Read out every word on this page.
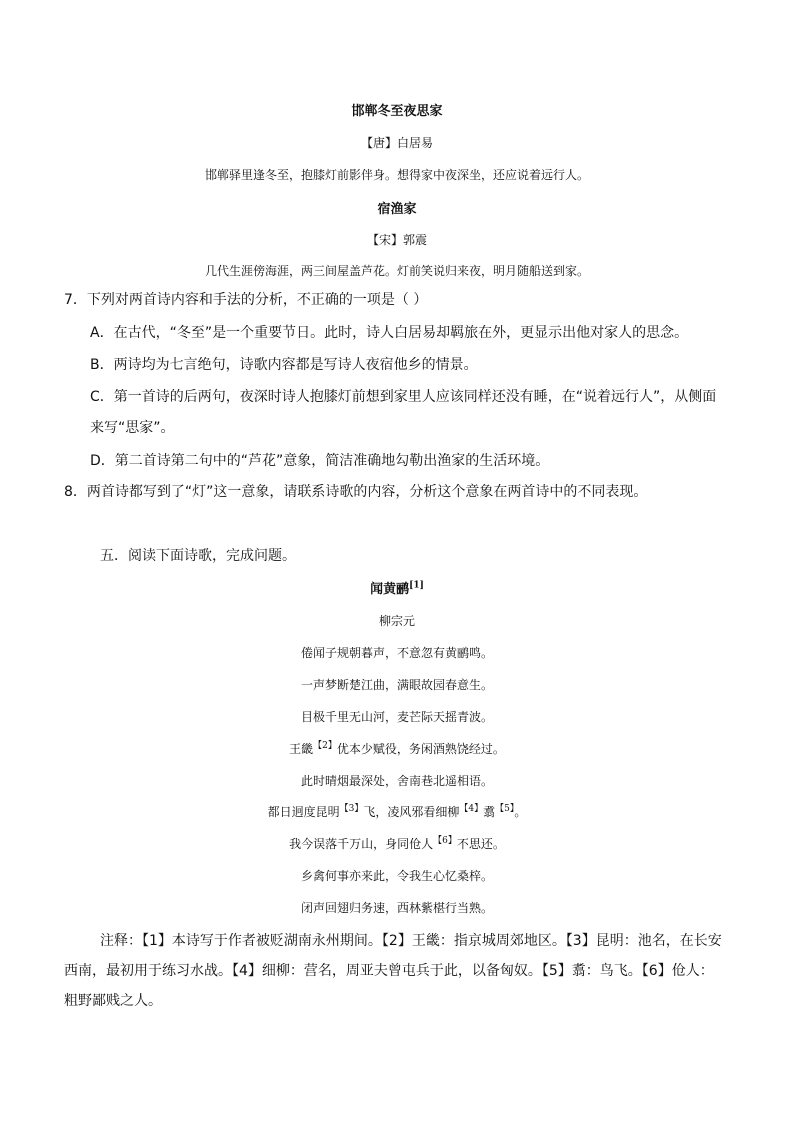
邯郸冬至夜思家
【唐】白居易
邯郸驿里逢冬至，抱膝灯前影伴身。想得家中夜深坐，还应说着远行人。
宿渔家
【宋】郭震
几代生涯傍海涯，两三间屋盖芦花。灯前笑说归来夜，明月随船送到家。
7．下列对两首诗内容和手法的分析，不正确的一项是（ ）
A．在古代，“冬至”是一个重要节日。此时，诗人白居易却羁旅在外，更显示出他对家人的思念。
B．两诗均为七言绝句，诗歌内容都是写诗人夜宿他乡的情景。
C．第一首诗的后两句，夜深时诗人抱膝灯前想到家里人应该同样还没有睡，在“说着远行人”，从侧面
来写“思家”。
D．第二首诗第二句中的“芦花”意象，简洁准确地勾勒出渔家的生活环境。
8．两首诗都写到了“灯”这一意象，请联系诗歌的内容，分析这个意象在两首诗中的不同表现。
五．阅读下面诗歌，完成问题。
闻黄鹂[1]
柳宗元
倦闻子规朝暮声，不意忽有黄鹂鸣。
一声梦断楚江曲，满眼故园春意生。
目极千里无山河，麦芒际天摇青波。
王畿$^{【2】}$优本少赋役，务闲酒熟饶经过。
此时晴烟最深处，舍南巷北遥相语。
都日迥度昆明$^{【3】}$飞，凌风邪看细柳$^{【4】}$翥$^{【5】}$。
我今误落千万山，身同伧人$^{【6】}$不思还。
乡禽何事亦来此，令我生心忆桑梓。
闭声回翅归务速，西林紫椹行当熟。
注释：【1】本诗写于作者被贬湖南永州期间。【2】王畿：指京城周郊地区。【3】昆明：池名，在长安
西南，最初用于练习水战。【4】细柳：营名，周亚夫曾屯兵于此，以备匈奴。【5】翥：鸟飞。【6】伧人：
粗野鄙贱之人。
